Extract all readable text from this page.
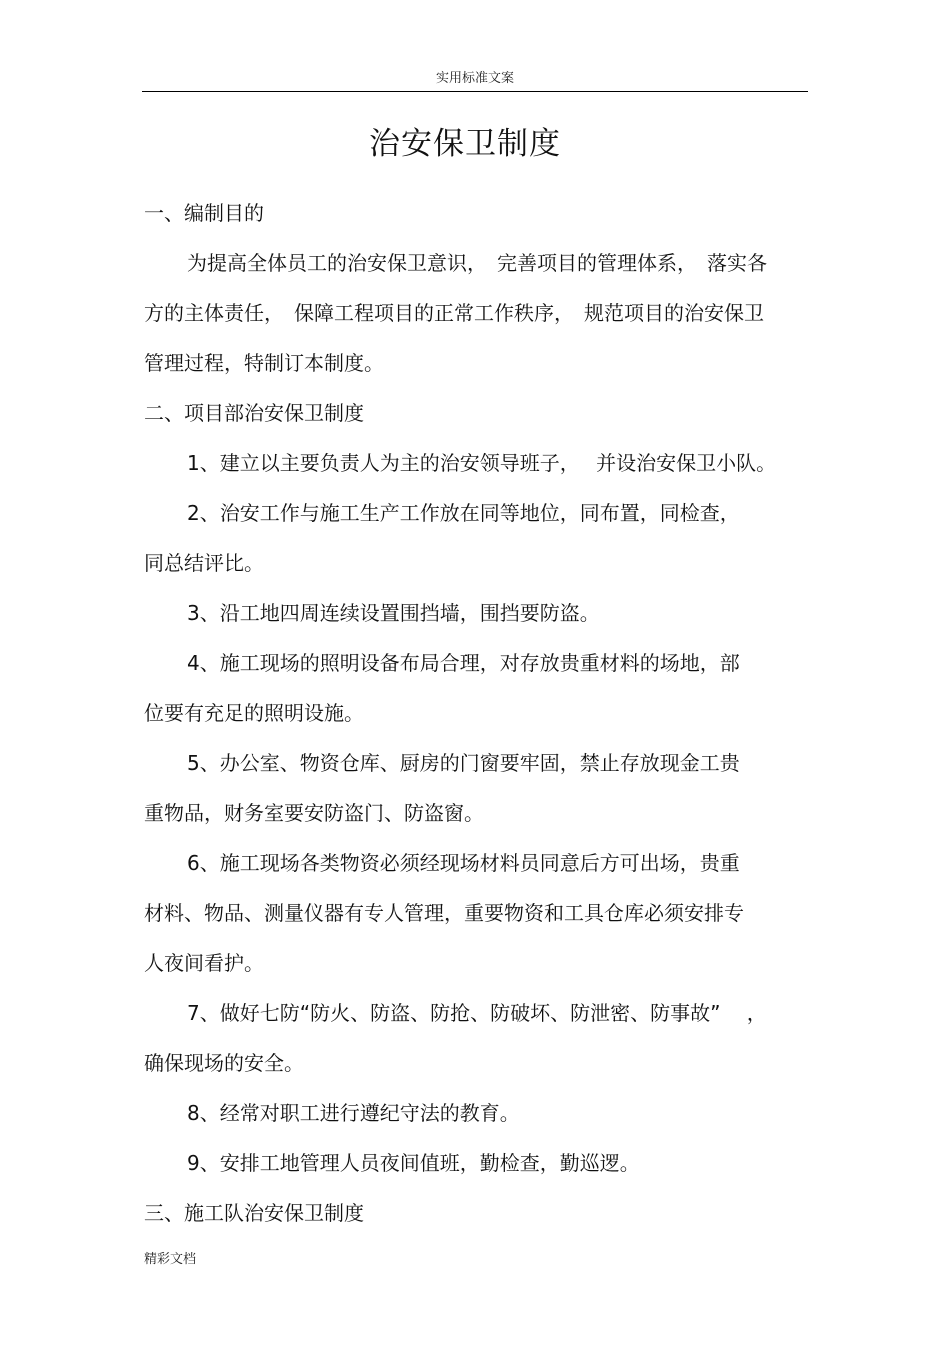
实用标准文案
治安保卫制度

一、编制目的

为提高全体员工的治安保卫意识，　完善项目的管理体系，　落实各

方的主体责任，　保障工程项目的正常工作秩序，　规范项目的治安保卫

管理过程，特制订本制度。

二、项目部治安保卫制度

1、建立以主要负责人为主的治安领导班子，　 并设治安保卫小队。

2、治安工作与施工生产工作放在同等地位，同布置，同检查，

同总结评比。

3、沿工地四周连续设置围挡墙，围挡要防盗。

4、施工现场的照明设备布局合理，对存放贵重材料的场地，部

位要有充足的照明设施。

5、办公室、物资仓库、厨房的门窗要牢固，禁止存放现金工贵

重物品，财务室要安防盗门、防盗窗。

6、施工现场各类物资必须经现场材料员同意后方可出场，贵重

材料、物品、测量仪器有专人管理，重要物资和工具仓库必须安排专

人夜间看护。

7、做好七防“防火、防盗、防抢、防破坏、防泄密、防事故”　 ，

确保现场的安全。

8、经常对职工进行遵纪守法的教育。

9、安排工地管理人员夜间值班，勤检查，勤巡逻。

三、施工队治安保卫制度

精彩文档
